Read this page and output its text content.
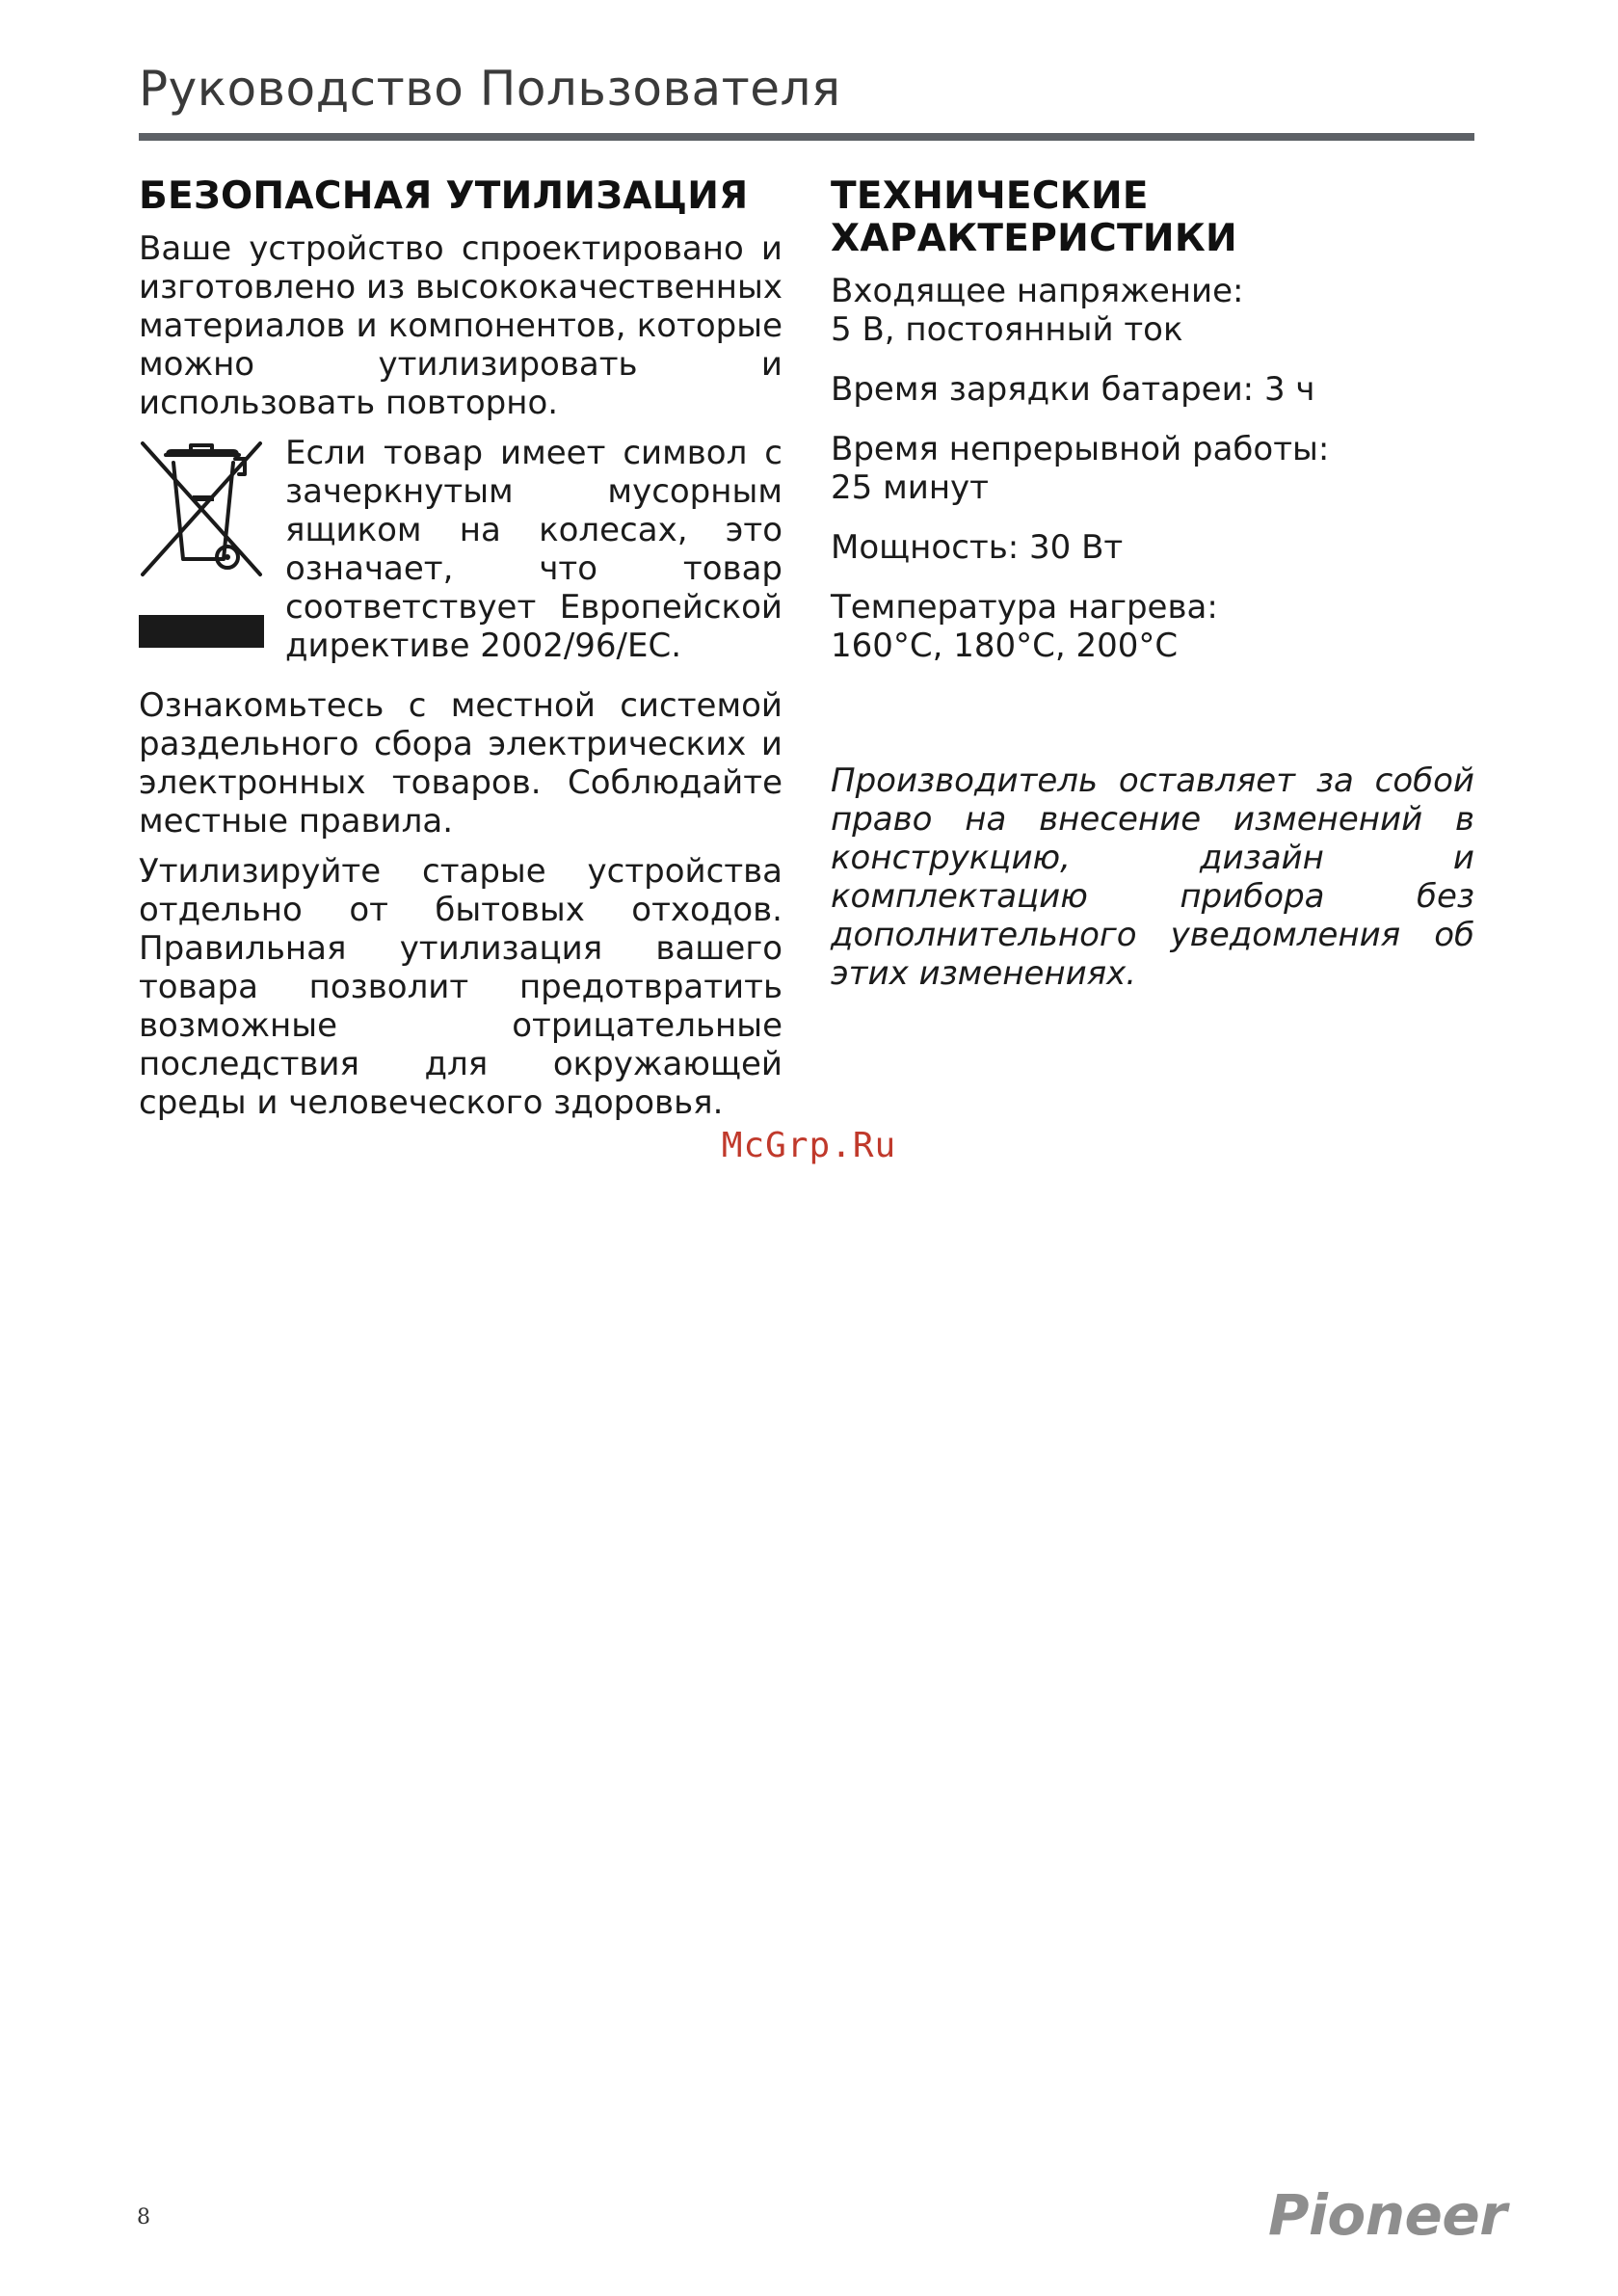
Руководство Пользователя
БЕЗОПАСНАЯ УТИЛИЗАЦИЯ

Ваше устройство спроектировано и изготовлено из высококачественных материалов и компонентов, которые можно утилизировать и использовать повторно.

Если товар имеет символ с зачеркнутым мусорным ящиком на колесах, это означает, что товар соответствует Европейской директиве 2002/96/ЕС.

Ознакомьтесь с местной системой раздельного сбора электрических и электронных товаров. Соблюдайте местные правила.

Утилизируйте старые устройства отдельно от бытовых отходов. Правильная утилизация вашего товара позволит предотвратить возможные отрицательные последствия для окружающей среды и человеческого здоровья.

ТЕХНИЧЕСКИЕ ХАРАКТЕРИСТИКИ
Входящее напряжение:
5 В, постоянный ток
Время зарядки батареи: 3 ч
Время непрерывной работы:
25 минут
Мощность: 30 Вт
Температура нагрева:
160°С, 180°С, 200°С

Производитель оставляет за собой право на внесение изменений в конструкцию, дизайн и комплектацию прибора без дополнительного уведомления об этих изменениях.

McGrp.Ru
8	Pioneer
